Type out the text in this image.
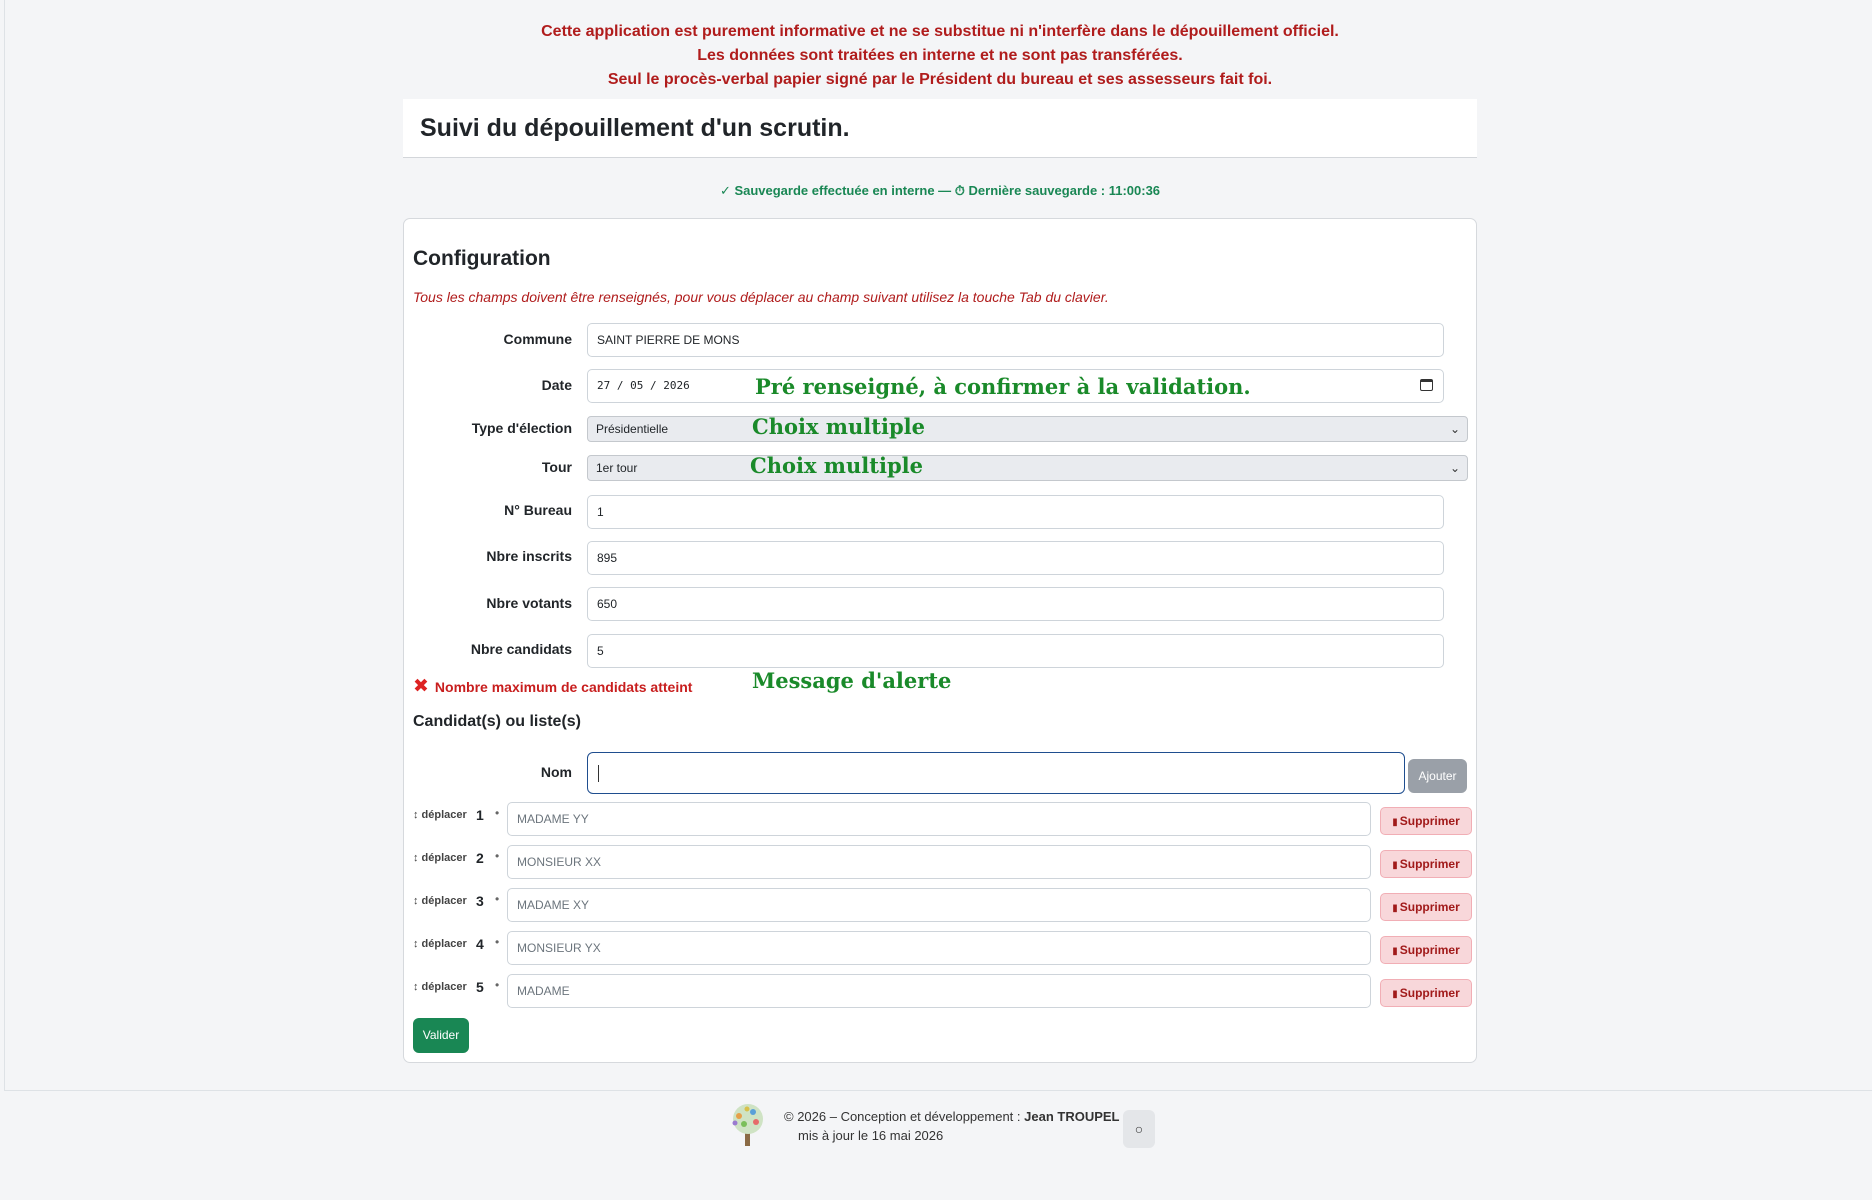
Cette application est purement informative et ne se substitue ni n'interfère dans le dépouillement officiel.
Les données sont traitées en interne et ne sont pas transférées.
Seul le procès-verbal papier signé par le Président du bureau et ses assesseurs fait foi.
Suivi du dépouillement d'un scrutin.
✓ Sauvegarde effectuée en interne — ⏱ Dernière sauvegarde : 11:00:36
Configuration
Tous les champs doivent être renseignés, pour vous déplacer au champ suivant utilisez la touche Tab du clavier.
Commune	SAINT PIERRE DE MONS
Date	27 / 05 / 2026	Pré renseigné, à confirmer à la validation.
Type d'élection	Présidentielle	⌄
Choix multiple
Tour	1er tour	⌄
Choix multiple
N° Bureau	1
Nbre inscrits	895
Nbre votants	650
Nbre candidats	5
✖ Nombre maximum de candidats atteint	Message d'alerte
Candidat(s) ou liste(s)
Nom	Ajouter
↕ déplacer 1 •	MADAME YY	▮ Supprimer
↕ déplacer 2 •	MONSIEUR XX	▮ Supprimer
↕ déplacer 3 •	MADAME XY	▮ Supprimer
↕ déplacer 4 •	MONSIEUR YX	▮ Supprimer
↕ déplacer 5 •	MADAME	▮ Supprimer
Valider
© 2026 – Conception et développement : Jean TROUPEL
mis à jour le 16 mai 2026	○
